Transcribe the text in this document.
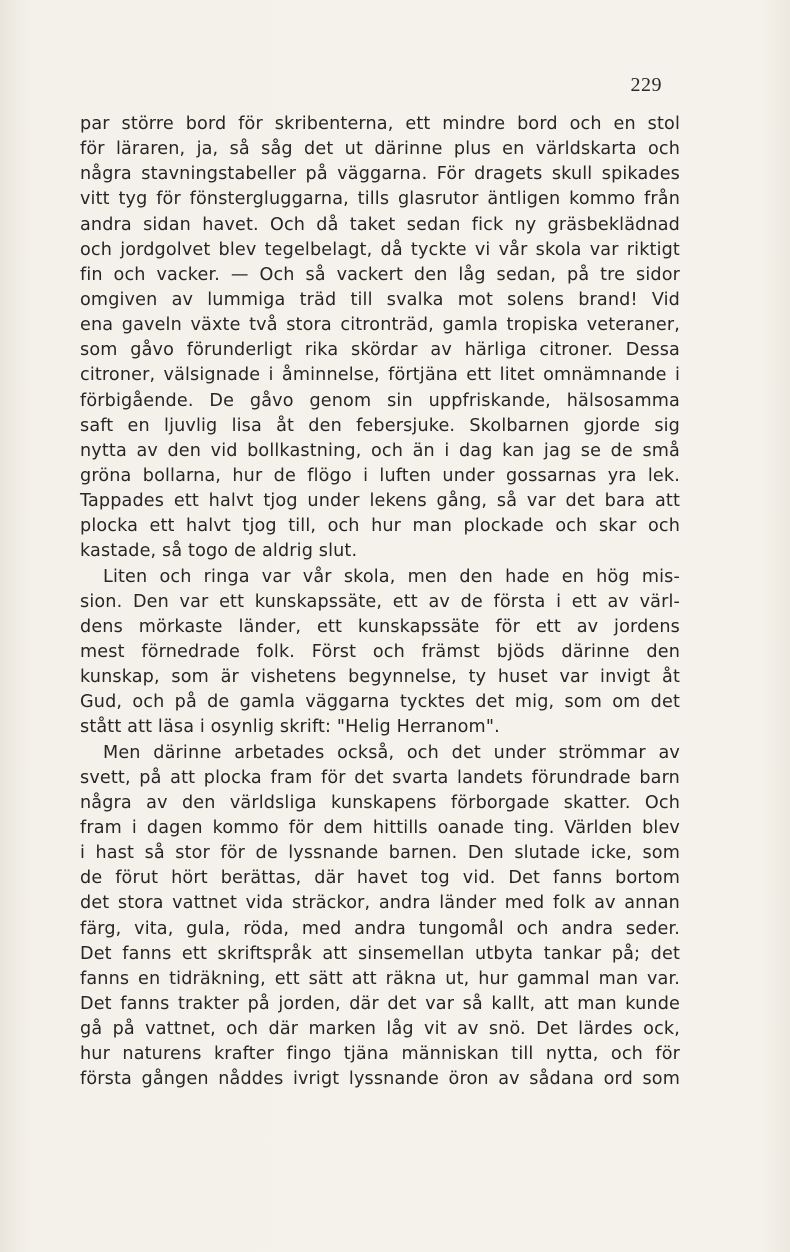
229
par större bord för skribenterna, ett mindre bord och en stol
för läraren, ja, så såg det ut därinne plus en världskarta och
några stavningstabeller på väggarna. För dragets skull spikades
vitt tyg för fönstergluggarna, tills glasrutor äntligen kommo från
andra sidan havet. Och då taket sedan fick ny gräsbeklädnad
och jordgolvet blev tegelbelagt, då tyckte vi vår skola var riktigt
fin och vacker. — Och så vackert den låg sedan, på tre sidor
omgiven av lummiga träd till svalka mot solens brand! Vid
ena gaveln växte två stora citronträd, gamla tropiska veteraner,
som gåvo förunderligt rika skördar av härliga citroner. Dessa
citroner, välsignade i åminnelse, förtjäna ett litet omnämnande i
förbigående. De gåvo genom sin uppfriskande, hälsosamma
saft en ljuvlig lisa åt den febersjuke. Skolbarnen gjorde sig
nytta av den vid bollkastning, och än i dag kan jag se de små
gröna bollarna, hur de flögo i luften under gossarnas yra lek.
Tappades ett halvt tjog under lekens gång, så var det bara att
plocka ett halvt tjog till, och hur man plockade och skar och
kastade, så togo de aldrig slut.
Liten och ringa var vår skola, men den hade en hög mis-
sion. Den var ett kunskapssäte, ett av de första i ett av värl-
dens mörkaste länder, ett kunskapssäte för ett av jordens
mest förnedrade folk. Först och främst bjöds därinne den
kunskap, som är vishetens begynnelse, ty huset var invigt åt
Gud, och på de gamla väggarna tycktes det mig, som om det
stått att läsa i osynlig skrift: "Helig Herranom".
Men därinne arbetades också, och det under strömmar av
svett, på att plocka fram för det svarta landets förundrade barn
några av den världsliga kunskapens förborgade skatter. Och
fram i dagen kommo för dem hittills oanade ting. Världen blev
i hast så stor för de lyssnande barnen. Den slutade icke, som
de förut hört berättas, där havet tog vid. Det fanns bortom
det stora vattnet vida sträckor, andra länder med folk av annan
färg, vita, gula, röda, med andra tungomål och andra seder.
Det fanns ett skriftspråk att sinsemellan utbyta tankar på; det
fanns en tidräkning, ett sätt att räkna ut, hur gammal man var.
Det fanns trakter på jorden, där det var så kallt, att man kunde
gå på vattnet, och där marken låg vit av snö. Det lärdes ock,
hur naturens krafter fingo tjäna människan till nytta, och för
första gången nåddes ivrigt lyssnande öron av sådana ord som
